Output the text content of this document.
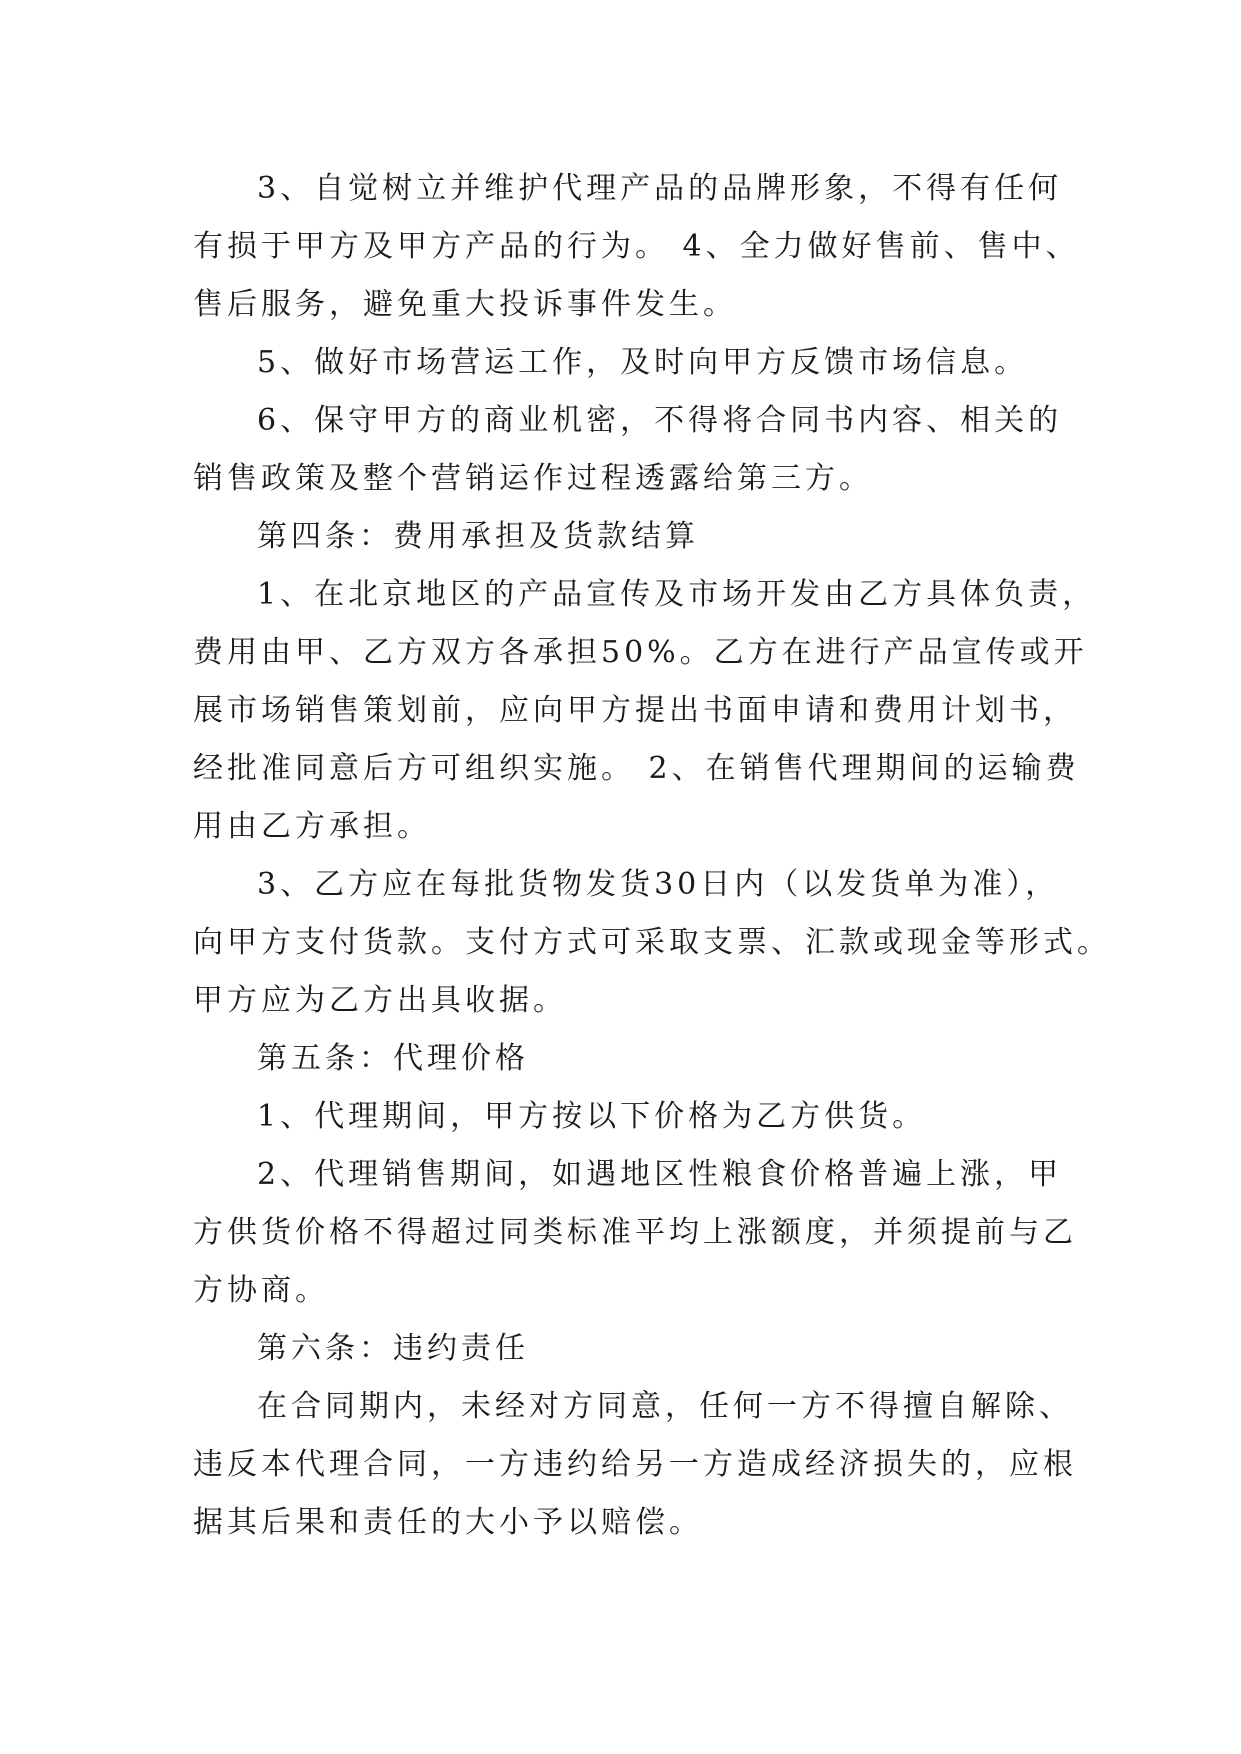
3、自觉树立并维护代理产品的品牌形象，不得有任何
有损于甲方及甲方产品的行为。 4、全力做好售前、售中、
售后服务，避免重大投诉事件发生。
5、做好市场营运工作，及时向甲方反馈市场信息。
6、保守甲方的商业机密，不得将合同书内容、相关的
销售政策及整个营销运作过程透露给第三方。
第四条：费用承担及货款结算
1、在北京地区的产品宣传及市场开发由乙方具体负责，
费用由甲、乙方双方各承担50%。乙方在进行产品宣传或开
展市场销售策划前，应向甲方提出书面申请和费用计划书，
经批准同意后方可组织实施。 2、在销售代理期间的运输费
用由乙方承担。
3、乙方应在每批货物发货30日内（以发货单为准），
向甲方支付货款。支付方式可采取支票、汇款或现金等形式。
甲方应为乙方出具收据。
第五条：代理价格
1、代理期间，甲方按以下价格为乙方供货。
2、代理销售期间，如遇地区性粮食价格普遍上涨，甲
方供货价格不得超过同类标准平均上涨额度，并须提前与乙
方协商。
第六条：违约责任
在合同期内，未经对方同意，任何一方不得擅自解除、
违反本代理合同，一方违约给另一方造成经济损失的，应根
据其后果和责任的大小予以赔偿。
